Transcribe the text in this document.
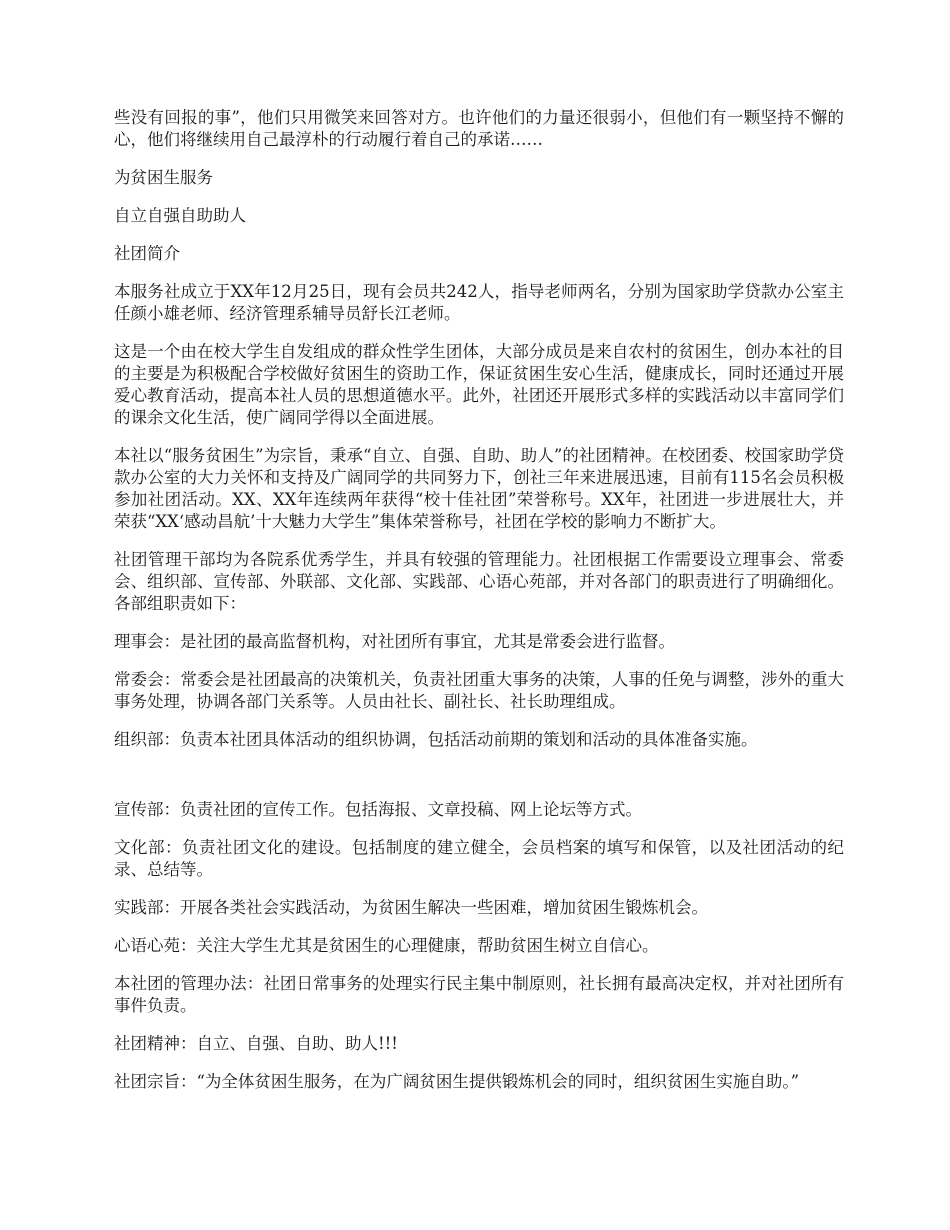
些没有回报的事”，他们只用微笑来回答对方。也许他们的力量还很弱小，但他们有一颗坚持不懈的心，他们将继续用自己最淳朴的行动履行着自己的承诺……

为贫困生服务

自立自强自助助人

社团简介

本服务社成立于XX年12月25日，现有会员共242人，指导老师两名，分别为国家助学贷款办公室主任颜小雄老师、经济管理系辅导员舒长江老师。

这是一个由在校大学生自发组成的群众性学生团体，大部分成员是来自农村的贫困生，创办本社的目的主要是为积极配合学校做好贫困生的资助工作，保证贫困生安心生活，健康成长，同时还通过开展爱心教育活动，提高本社人员的思想道德水平。此外，社团还开展形式多样的实践活动以丰富同学们的课余文化生活，使广阔同学得以全面进展。

本社以“服务贫困生”为宗旨，秉承“自立、自强、自助、助人”的社团精神。在校团委、校国家助学贷款办公室的大力关怀和支持及广阔同学的共同努力下，创社三年来进展迅速，目前有115名会员积极参加社团活动。XX、XX年连续两年获得“校十佳社团”荣誉称号。XX年，社团进一步进展壮大，并荣获“XX‘感动昌航’十大魅力大学生”集体荣誉称号，社团在学校的影响力不断扩大。

社团管理干部均为各院系优秀学生，并具有较强的管理能力。社团根据工作需要设立理事会、常委会、组织部、宣传部、外联部、文化部、实践部、心语心苑部，并对各部门的职责进行了明确细化。各部组职责如下：

理事会：是社团的最高监督机构，对社团所有事宜，尤其是常委会进行监督。

常委会：常委会是社团最高的决策机关，负责社团重大事务的决策，人事的任免与调整，涉外的重大事务处理，协调各部门关系等。人员由社长、副社长、社长助理组成。

组织部：负责本社团具体活动的组织协调，包括活动前期的策划和活动的具体准备实施。

宣传部：负责社团的宣传工作。包括海报、文章投稿、网上论坛等方式。

文化部：负责社团文化的建设。包括制度的建立健全，会员档案的填写和保管，以及社团活动的纪录、总结等。

实践部：开展各类社会实践活动，为贫困生解决一些困难，增加贫困生锻炼机会。

心语心苑：关注大学生尤其是贫困生的心理健康，帮助贫困生树立自信心。

本社团的管理办法：社团日常事务的处理实行民主集中制原则，社长拥有最高决定权，并对社团所有事件负责。

社团精神：自立、自强、自助、助人!!!

社团宗旨：“为全体贫困生服务，在为广阔贫困生提供锻炼机会的同时，组织贫困生实施自助。”
